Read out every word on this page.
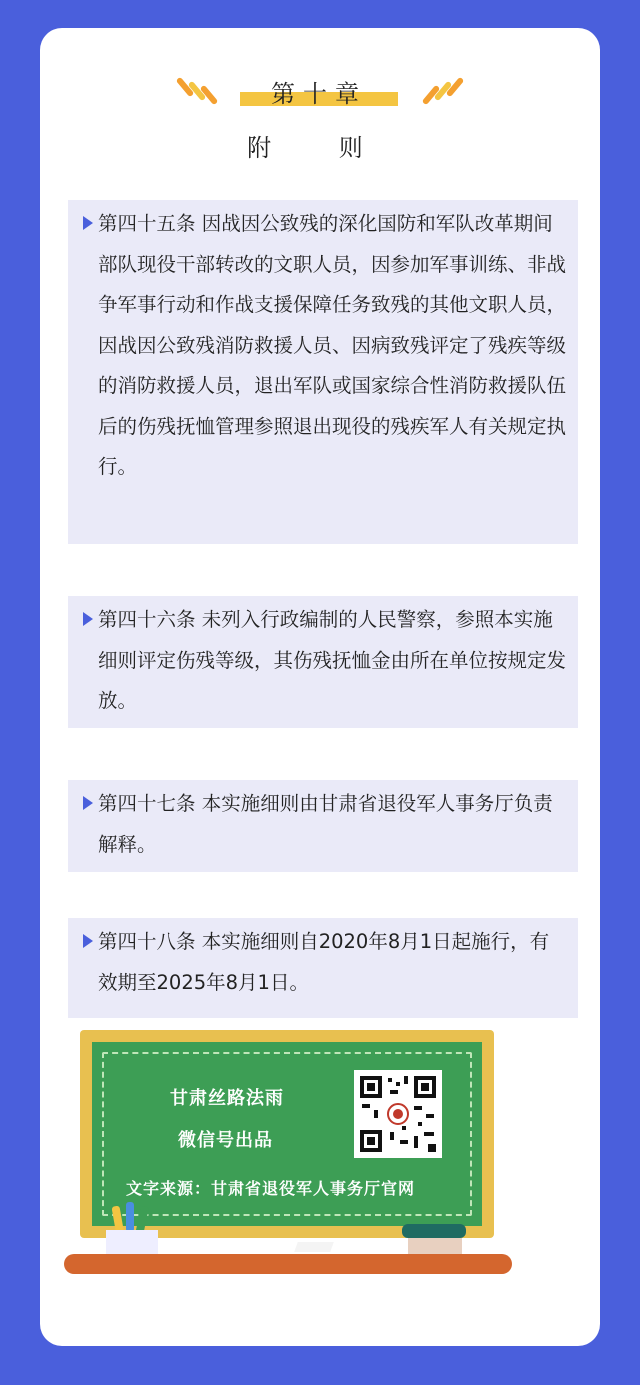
第十章
附 则
第四十五条 因战因公致残的深化国防和军队改革期间部队现役干部转改的文职人员，因参加军事训练、非战争军事行动和作战支援保障任务致残的其他文职人员，因战因公致残消防救援人员、因病致残评定了残疾等级的消防救援人员，退出军队或国家综合性消防救援队伍后的伤残抚恤管理参照退出现役的残疾军人有关规定执行。
第四十六条 未列入行政编制的人民警察，参照本实施细则评定伤残等级，其伤残抚恤金由所在单位按规定发放。
第四十七条 本实施细则由甘肃省退役军人事务厅负责解释。
第四十八条 本实施细则自2020年8月1日起施行，有效期至2025年8月1日。
甘肃丝路法雨
微信号出品
文字来源：甘肃省退役军人事务厅官网
